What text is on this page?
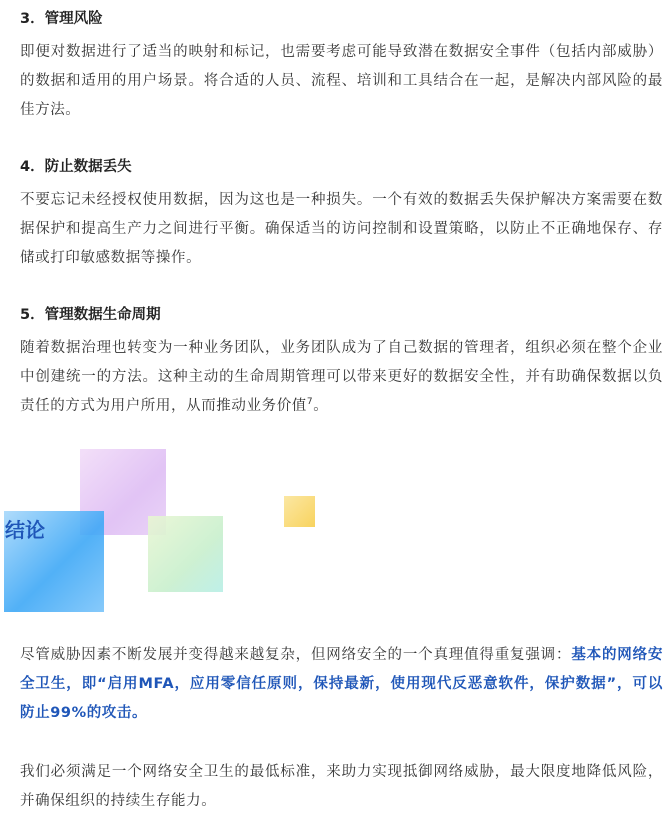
3．管理风险

即便对数据进行了适当的映射和标记，也需要考虑可能导致潜在数据安全事件（包括内部威胁）的数据和适用的用户场景。将合适的人员、流程、培训和工具结合在一起，是解决内部风险的最佳方法。

4．防止数据丢失

不要忘记未经授权使用数据，因为这也是一种损失。一个有效的数据丢失保护解决方案需要在数据保护和提高生产力之间进行平衡。确保适当的访问控制和设置策略，以防止不正确地保存、存储或打印敏感数据等操作。

5．管理数据生命周期

随着数据治理也转变为一种业务团队，业务团队成为了自己数据的管理者，组织必须在整个企业中创建统一的方法。这种主动的生命周期管理可以带来更好的数据安全性，并有助确保数据以负责任的方式为用户所用，从而推动业务价值$^7$。

结论

尽管威胁因素不断发展并变得越来越复杂，但网络安全的一个真理值得重复强调：基本的网络安全卫生，即“启用MFA，应用零信任原则，保持最新，使用现代反恶意软件，保护数据”，可以防止99%的攻击。

我们必须满足一个网络安全卫生的最低标准，来助力实现抵御网络威胁，最大限度地降低风险，并确保组织的持续生存能力。
